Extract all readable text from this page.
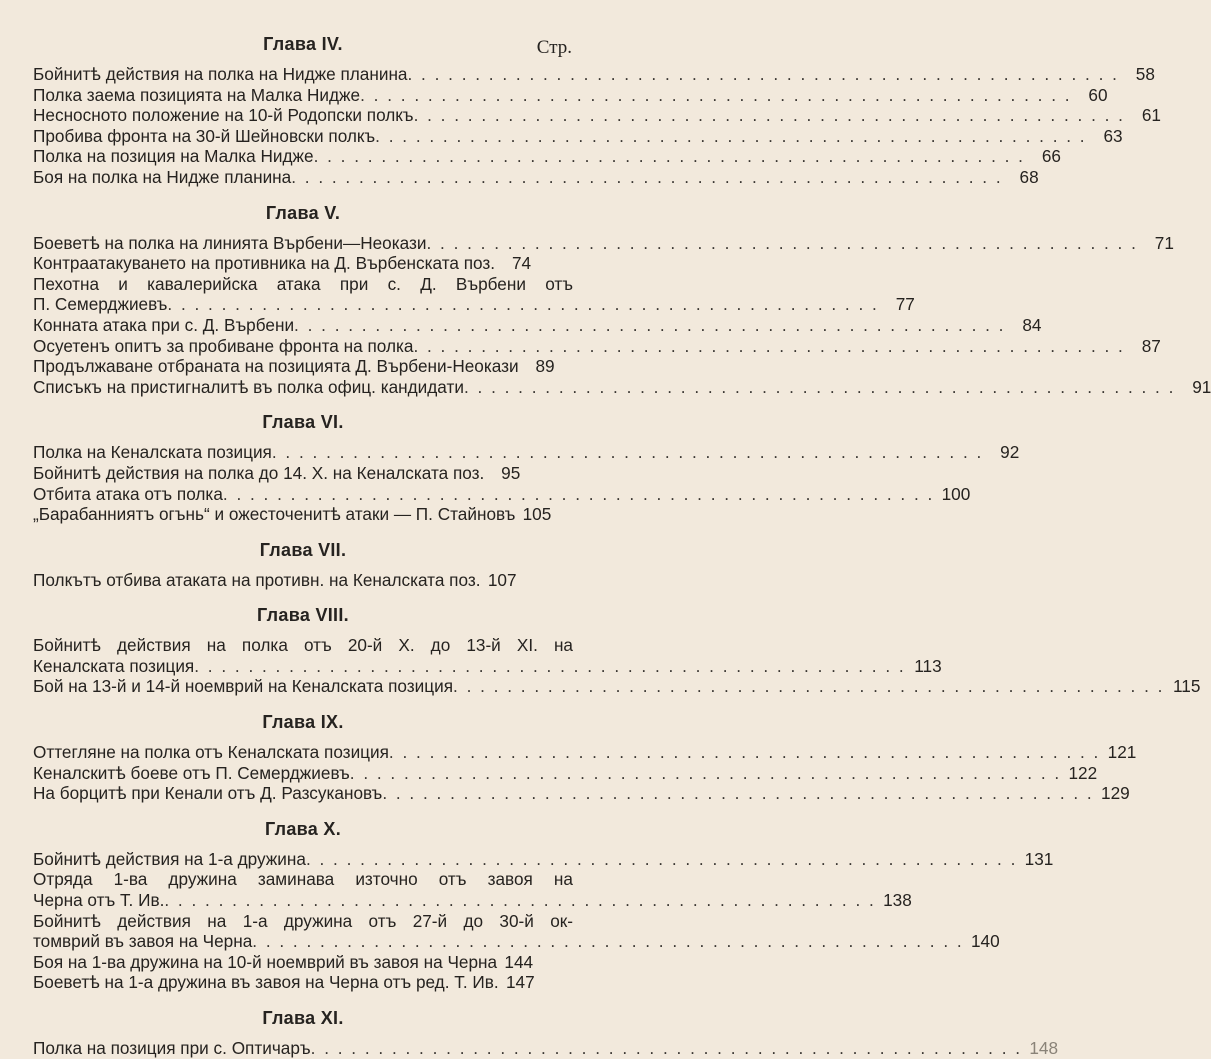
Стр.
Глава IV.
Бойнитѣ действия на полка на Нидже планина . . .	58
Полка заема позицията на Малка Нидже . . .	60
Несносното положение на 10-й Родопски полкъ . . .	61
Пробива фронта на 30-й Шейновски полкъ . . .	63
Полка на позиция на Малка Нидже . . .	66
Боя на полка на Нидже планина . . .	68
Глава V.
Боеветѣ на полка на линията Върбени—Неокази . . .	71
Контраатакуването на противника на Д. Върбенската поз. 74
Пехотна и кавалерийска атака при с. Д. Върбени отъ
П. Семерджиевъ . . .	77
Конната атака при с. Д. Върбени . . .	84
Осуетенъ опитъ за пробиване фронта на полка . . .	87
Продължаване отбраната на позицията Д. Върбени-Неокази 89
Списъкъ на пристигналитѣ въ полка офиц. кандидати . . .	91
Глава VI.
Полка на Кеналската позиция . . .	92
Бойнитѣ действия на полка до 14. Х. на Кеналската поз. 95
Отбита атака отъ полка . . .	100
„Барабанниятъ огънь“ и ожесточенитѣ атаки — П. Стайновъ 105
Глава VII.
Полкътъ отбива атаката на противн. на Кеналската поз. 107
Глава VIII.
Бойнитѣ действия на полка отъ 20-й Х. до 13-й XI. на
Кеналската позиция . . .	113
Бой на 13-й и 14-й ноемврий на Кеналската позиция . . .	115
Глава IX.
Оттегляне на полка отъ Кеналската позиция . . .	121
Кеналскитѣ боеве отъ П. Семерджиевъ . . .	122
На борцитѣ при Кенали отъ Д. Разсукановъ . . .	129
Глава X.
Бойнитѣ действия на 1-а дружина . . .	131
Отряда 1-ва дружина заминава източно отъ завоя на
Черна отъ Т. Ив. . . .	138
Бойнитѣ действия на 1-а дружина отъ 27-й до 30-й ок-
томврий въ завоя на Черна . . .	140
Боя на 1-ва дружина на 10-й ноемврий въ завоя на Черна 144
Боеветѣ на 1-а дружина въ завоя на Черна отъ ред. Т. Ив. 147
Глава XI.
Полка на позиция при с. Оптичаръ . . .	148
